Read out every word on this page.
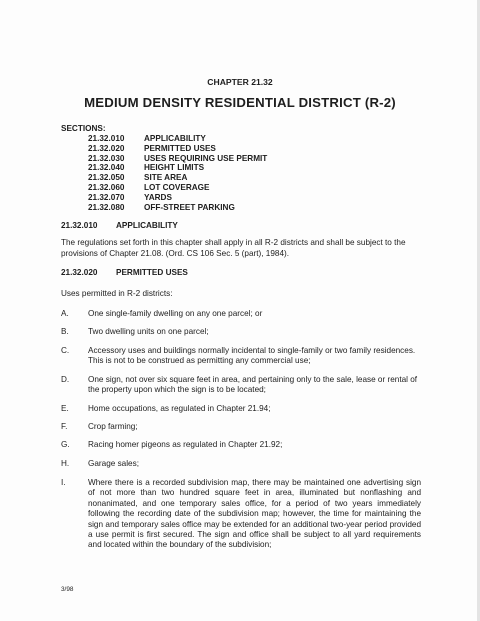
CHAPTER 21.32
MEDIUM DENSITY RESIDENTIAL DISTRICT (R-2)
SECTIONS:
21.32.010	APPLICABILITY
21.32.020	PERMITTED USES
21.32.030	USES REQUIRING USE PERMIT
21.32.040	HEIGHT LIMITS
21.32.050	SITE AREA
21.32.060	LOT COVERAGE
21.32.070	YARDS
21.32.080	OFF-STREET PARKING
21.32.010	APPLICABILITY
The regulations set forth in this chapter shall apply in all R-2 districts and shall be subject to the provisions of Chapter 21.08. (Ord. CS 106 Sec. 5 (part), 1984).
21.32.020	PERMITTED USES
Uses permitted in R-2 districts:
A.	One single-family dwelling on any one parcel; or
B.	Two dwelling units on one parcel;
C.	Accessory uses and buildings normally incidental to single-family or two family residences. This is not to be construed as permitting any commercial use;
D.	One sign, not over six square feet in area, and pertaining only to the sale, lease or rental of the property upon which the sign is to be located;
E.	Home occupations, as regulated in Chapter 21.94;
F.	Crop farming;
G.	Racing homer pigeons as regulated in Chapter 21.92;
H.	Garage sales;
I.	Where there is a recorded subdivision map, there may be maintained one advertising sign of not more than two hundred square feet in area, illuminated but nonflashing and nonanimated, and one temporary sales office, for a period of two years immediately following the recording date of the subdivision map; however, the time for maintaining the sign and temporary sales office may be extended for an additional two-year period provided a use permit is first secured. The sign and office shall be subject to all yard requirements and located within the boundary of the subdivision;
3/98
